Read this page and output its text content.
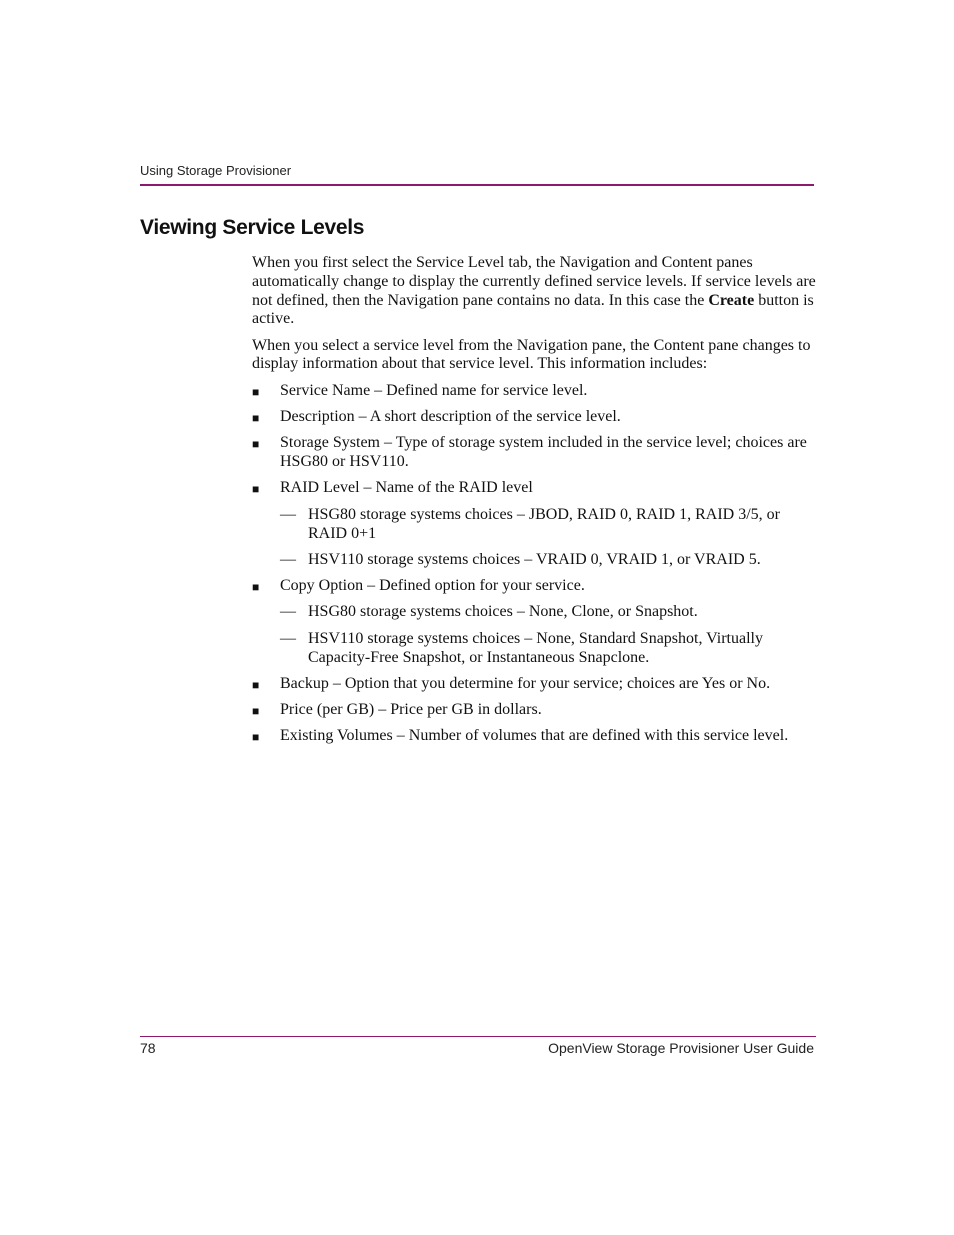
Using Storage Provisioner
Viewing Service Levels

When you first select the Service Level tab, the Navigation and Content panes automatically change to display the currently defined service levels. If service levels are not defined, then the Navigation pane contains no data. In this case the Create button is active.

When you select a service level from the Navigation pane, the Content pane changes to display information about that service level. This information includes:

■ Service Name – Defined name for service level.
■ Description – A short description of the service level.
■ Storage System – Type of storage system included in the service level; choices are HSG80 or HSV110.
■ RAID Level – Name of the RAID level
— HSG80 storage systems choices – JBOD, RAID 0, RAID 1, RAID 3/5, or RAID 0+1
— HSV110 storage systems choices – VRAID 0, VRAID 1, or VRAID 5.
■ Copy Option – Defined option for your service.
— HSG80 storage systems choices – None, Clone, or Snapshot.
— HSV110 storage systems choices – None, Standard Snapshot, Virtually Capacity-Free Snapshot, or Instantaneous Snapclone.
■ Backup – Option that you determine for your service; choices are Yes or No.
■ Price (per GB) – Price per GB in dollars.
■ Existing Volumes – Number of volumes that are defined with this service level.
78	OpenView Storage Provisioner User Guide
